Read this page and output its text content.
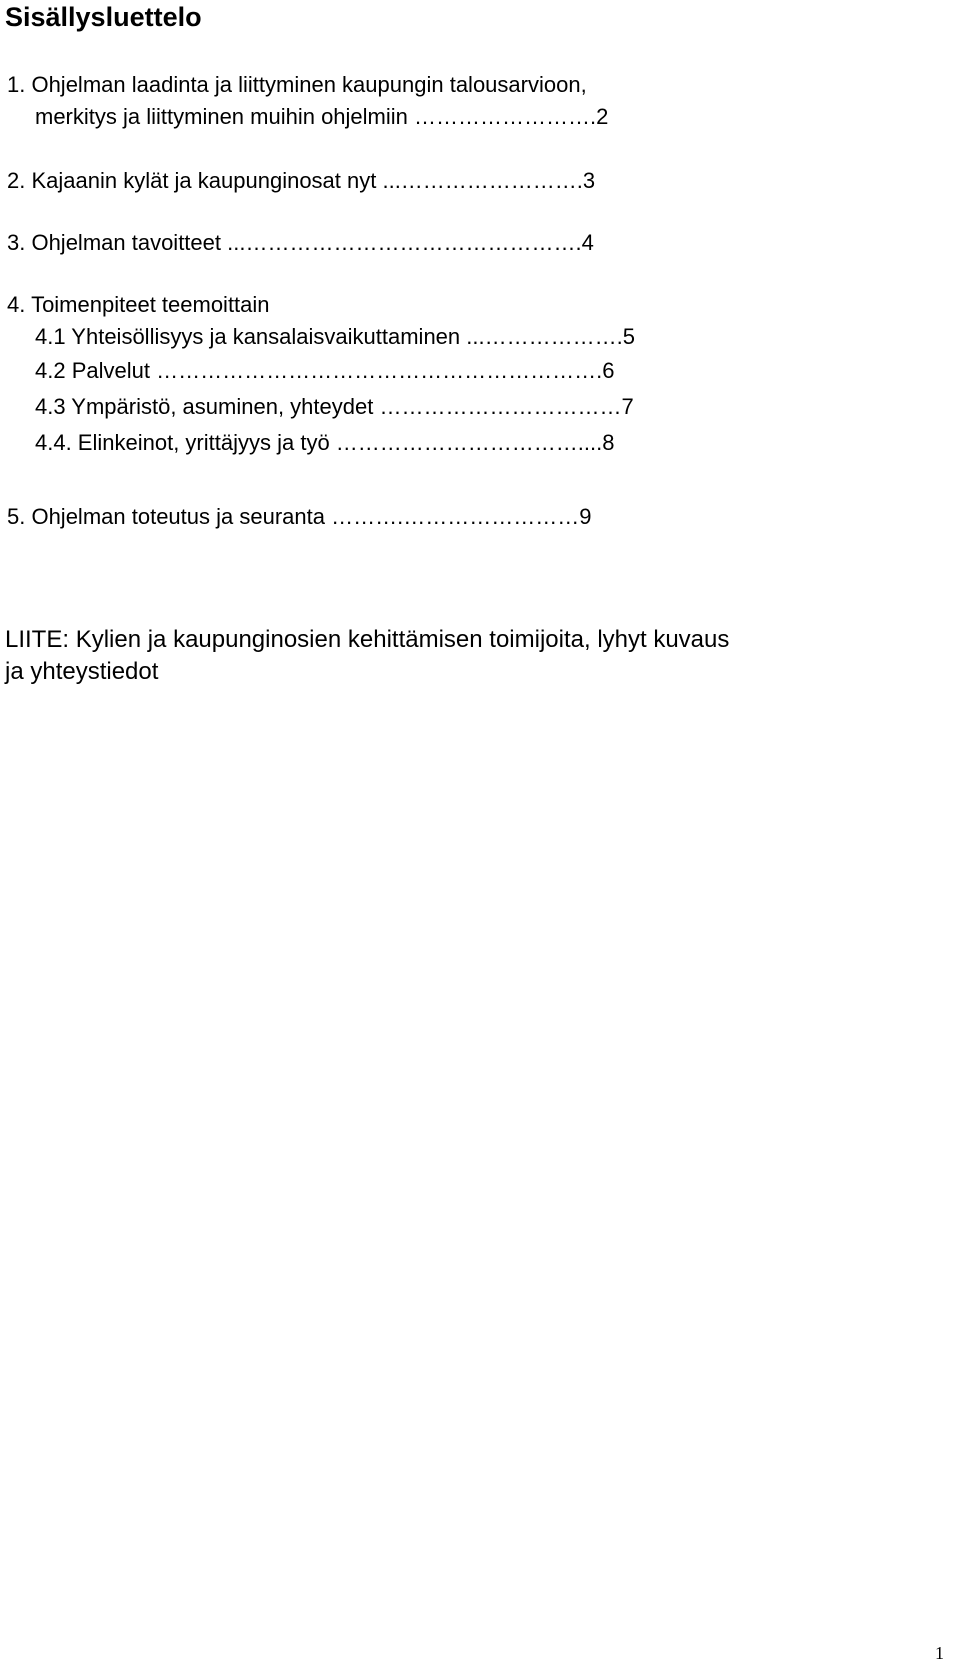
Sisällysluettelo
1. Ohjelman laadinta ja liittyminen kaupungin talousarvioon,
merkitys ja liittyminen muihin ohjelmiin …………………….2
2. Kajaanin kylät ja kaupunginosat nyt ...…………………….3
3. Ohjelman tavoitteet ...……………………………………….4
4. Toimenpiteet teemoittain
4.1 Yhteisöllisyys ja kansalaisvaikuttaminen ...……………….5
4.2 Palvelut …………………………………………………….6
4.3 Ympäristö, asuminen, yhteydet ……………………………7
4.4. Elinkeinot, yrittäjyys ja työ ……………………………....8
5. Ohjelman toteutus ja seuranta ……….……………………9
LIITE: Kylien ja kaupunginosien kehittämisen toimijoita, lyhyt kuvaus
ja yhteystiedot
1
